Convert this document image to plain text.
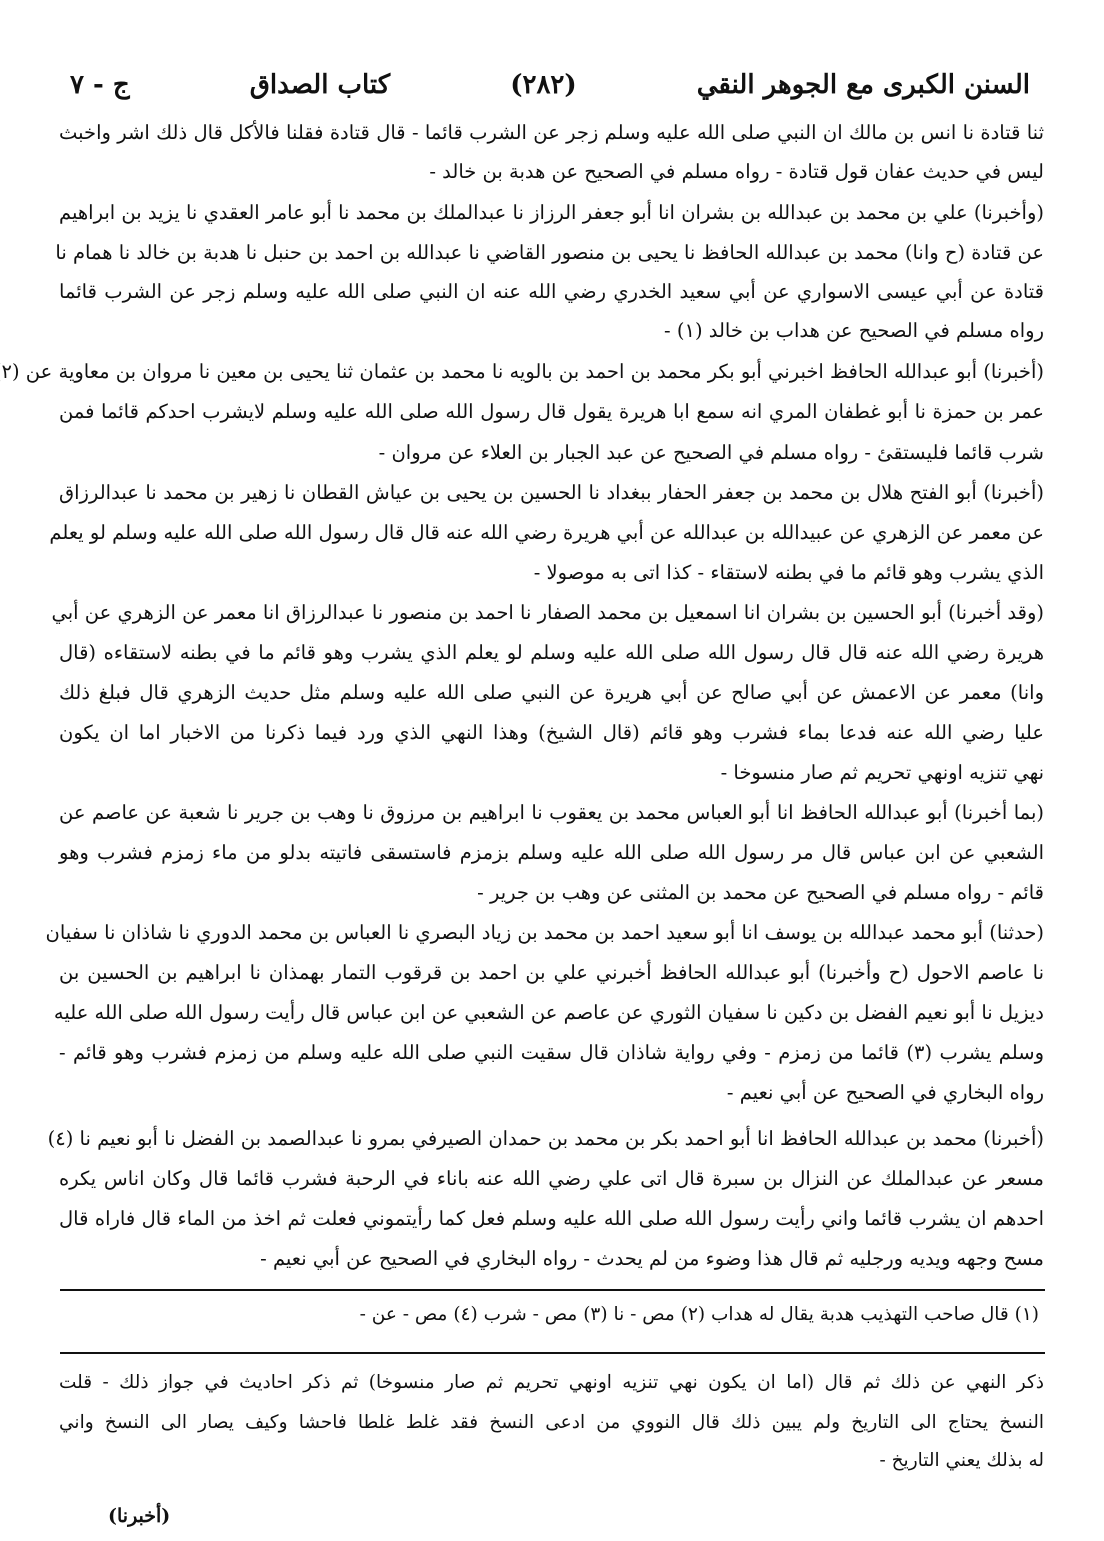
السنن الكبرى مع الجوهر النقي
(٢٨٢)
كتاب الصداق
ج - ٧
ثنا قتادة نا انس بن مالك ان النبي صلى الله عليه وسلم زجر عن الشرب قائما - قال قتادة فقلنا فالأكل قال ذلك اشر واخبث
ليس في حديث عفان قول قتادة - رواه مسلم في الصحيح عن هدبة بن خالد -
(وأخبرنا) علي بن محمد بن عبدالله بن بشران انا أبو جعفر الرزاز نا عبدالملك بن محمد نا أبو عامر العقدي نا يزيد بن ابراهيم
عن قتادة (ح وانا) محمد بن عبدالله الحافظ نا يحيى بن منصور القاضي نا عبدالله بن احمد بن حنبل نا هدبة بن خالد نا همام نا
قتادة عن أبي عيسى الاسواري عن أبي سعيد الخدري رضي الله عنه ان النبي صلى الله عليه وسلم زجر عن الشرب قائما
رواه مسلم في الصحيح عن هداب بن خالد (١) -
(أخبرنا) أبو عبدالله الحافظ اخبرني أبو بكر محمد بن احمد بن بالويه نا محمد بن عثمان ثنا يحيى بن معين نا مروان بن معاوية عن (٢
عمر بن حمزة نا أبو غطفان المري انه سمع ابا هريرة يقول قال رسول الله صلى الله عليه وسلم لايشرب احدكم قائما فمن
شرب قائما فليستقئ - رواه مسلم في الصحيح عن عبد الجبار بن العلاء عن مروان -
(أخبرنا) أبو الفتح هلال بن محمد بن جعفر الحفار ببغداد نا الحسين بن يحيى بن عياش القطان نا زهير بن محمد نا عبدالرزاق
عن معمر عن الزهري عن عبيدالله بن عبدالله عن أبي هريرة رضي الله عنه قال قال رسول الله صلى الله عليه وسلم لو يعلم
الذي يشرب وهو قائم ما في بطنه لاستقاء - كذا اتى به موصولا -
(وقد أخبرنا) أبو الحسين بن بشران انا اسمعيل بن محمد الصفار نا احمد بن منصور نا عبدالرزاق انا معمر عن الزهري عن أبي
هريرة رضي الله عنه قال قال رسول الله صلى الله عليه وسلم لو يعلم الذي يشرب وهو قائم ما في بطنه لاستقاءه (قال
وانا) معمر عن الاعمش عن أبي صالح عن أبي هريرة عن النبي صلى الله عليه وسلم مثل حديث الزهري قال فبلغ ذلك
عليا رضي الله عنه فدعا بماء فشرب وهو قائم (قال الشيخ) وهذا النهي الذي ورد فيما ذكرنا من الاخبار اما ان يكون
نهي تنزيه اونهي تحريم ثم صار منسوخا -
(بما أخبرنا) أبو عبدالله الحافظ انا أبو العباس محمد بن يعقوب نا ابراهيم بن مرزوق نا وهب بن جرير نا شعبة عن عاصم عن
الشعبي عن ابن عباس قال مر رسول الله صلى الله عليه وسلم بزمزم فاستسقى فاتيته بدلو من ماء زمزم فشرب وهو
قائم - رواه مسلم في الصحيح عن محمد بن المثنى عن وهب بن جرير -
(حدثنا) أبو محمد عبدالله بن يوسف انا أبو سعيد احمد بن محمد بن زياد البصري نا العباس بن محمد الدوري نا شاذان نا سفيان
نا عاصم الاحول (ح وأخبرنا) أبو عبدالله الحافظ أخبرني علي بن احمد بن قرقوب التمار بهمذان نا ابراهيم بن الحسين بن
ديزيل نا أبو نعيم الفضل بن دكين نا سفيان الثوري عن عاصم عن الشعبي عن ابن عباس قال رأيت رسول الله صلى الله عليه
وسلم يشرب (٣) قائما من زمزم - وفي رواية شاذان قال سقيت النبي صلى الله عليه وسلم من زمزم فشرب وهو قائم -
رواه البخاري في الصحيح عن أبي نعيم -
(أخبرنا) محمد بن عبدالله الحافظ انا أبو احمد بكر بن محمد بن حمدان الصيرفي بمرو نا عبدالصمد بن الفضل نا أبو نعيم نا (٤)
مسعر عن عبدالملك عن النزال بن سبرة قال اتى علي رضي الله عنه باناء في الرحبة فشرب قائما قال وكان اناس يكره
احدهم ان يشرب قائما واني رأيت رسول الله صلى الله عليه وسلم فعل كما رأيتموني فعلت ثم اخذ من الماء قال فاراه قال
مسح وجهه ويديه ورجليه ثم قال هذا وضوء من لم يحدث - رواه البخاري في الصحيح عن أبي نعيم -
(١) قال صاحب التهذيب هدبة يقال له هداب (٢) مص - نا (٣) مص - شرب (٤) مص - عن -
ذكر النهي عن ذلك ثم قال (اما ان يكون نهي تنزيه اونهي تحريم ثم صار منسوخا) ثم ذكر احاديث في جواز ذلك - قلت
النسخ يحتاج الى التاريخ ولم يبين ذلك قال النووي من ادعى النسخ فقد غلط غلطا فاحشا وكيف يصار الى النسخ واني
له بذلك يعني التاريخ -
(أخبرنا)
